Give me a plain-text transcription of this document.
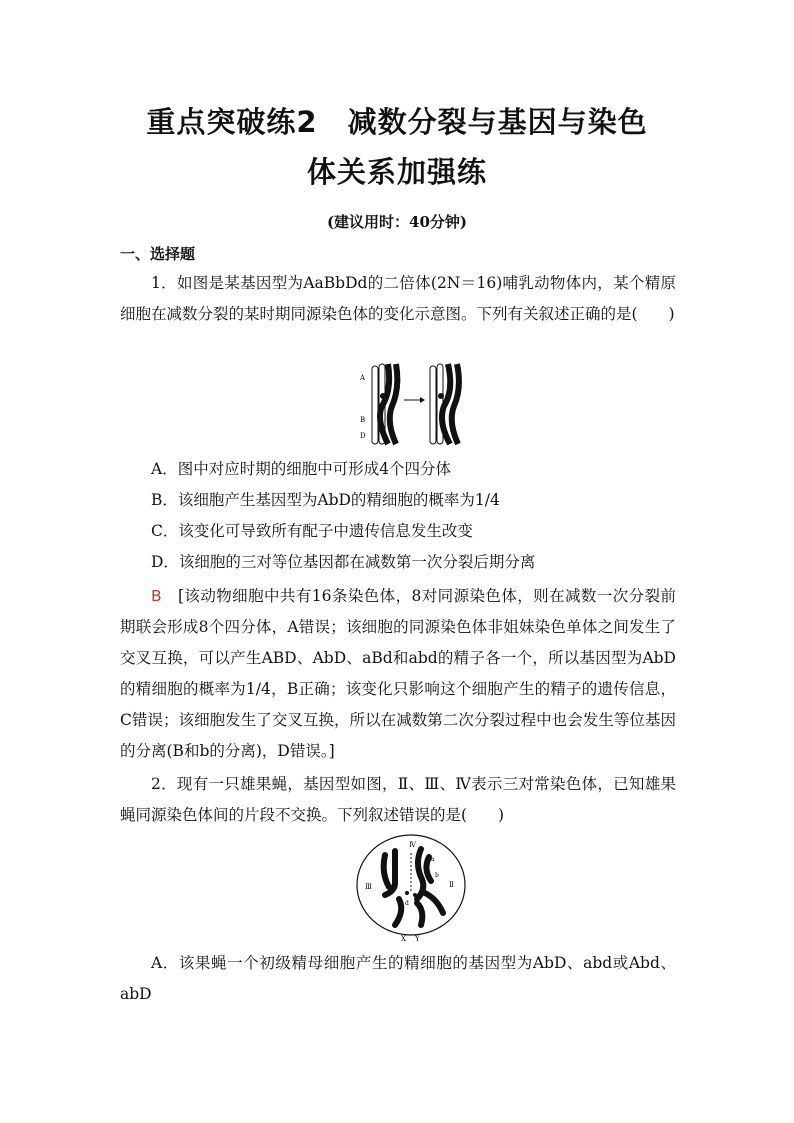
重点突破练2　减数分裂与基因与染色
体关系加强练
(建议用时：40分钟)
一、选择题

1．如图是某基因型为AaBbDd的二倍体(2N＝16)哺乳动物体内，某个精原细胞在减数分裂的某时期同源染色体的变化示意图。下列有关叙述正确的是(　　)

A
B
D

A．图中对应时期的细胞中可形成4个四分体

B．该细胞产生基因型为AbD的精细胞的概率为1/4

C．该变化可导致所有配子中遗传信息发生改变

D．该细胞的三对等位基因都在减数第一次分裂后期分离

B　[该动物细胞中共有16条染色体，8对同源染色体，则在减数一次分裂前期联会形成8个四分体，A错误；该细胞的同源染色体非姐妹染色单体之间发生了交叉互换，可以产生ABD、AbD、aBd和abd的精子各一个，所以基因型为AbD的精细胞的概率为1/4，B正确；该变化只影响这个细胞产生的精子的遗传信息，C错误；该细胞发生了交叉互换，所以在减数第二次分裂过程中也会发生等位基因的分离(B和b的分离)，D错误。]

2．现有一只雄果蝇，基因型如图，Ⅱ、Ⅲ、Ⅳ表示三对常染色体，已知雄果蝇同源染色体间的片段不交换。下列叙述错误的是(　　)

Ⅳ
Ⅲ	Ⅱ
a
b
d
X Y

A．该果蝇一个初级精母细胞产生的精细胞的基因型为AbD、abd或Abd、abD
